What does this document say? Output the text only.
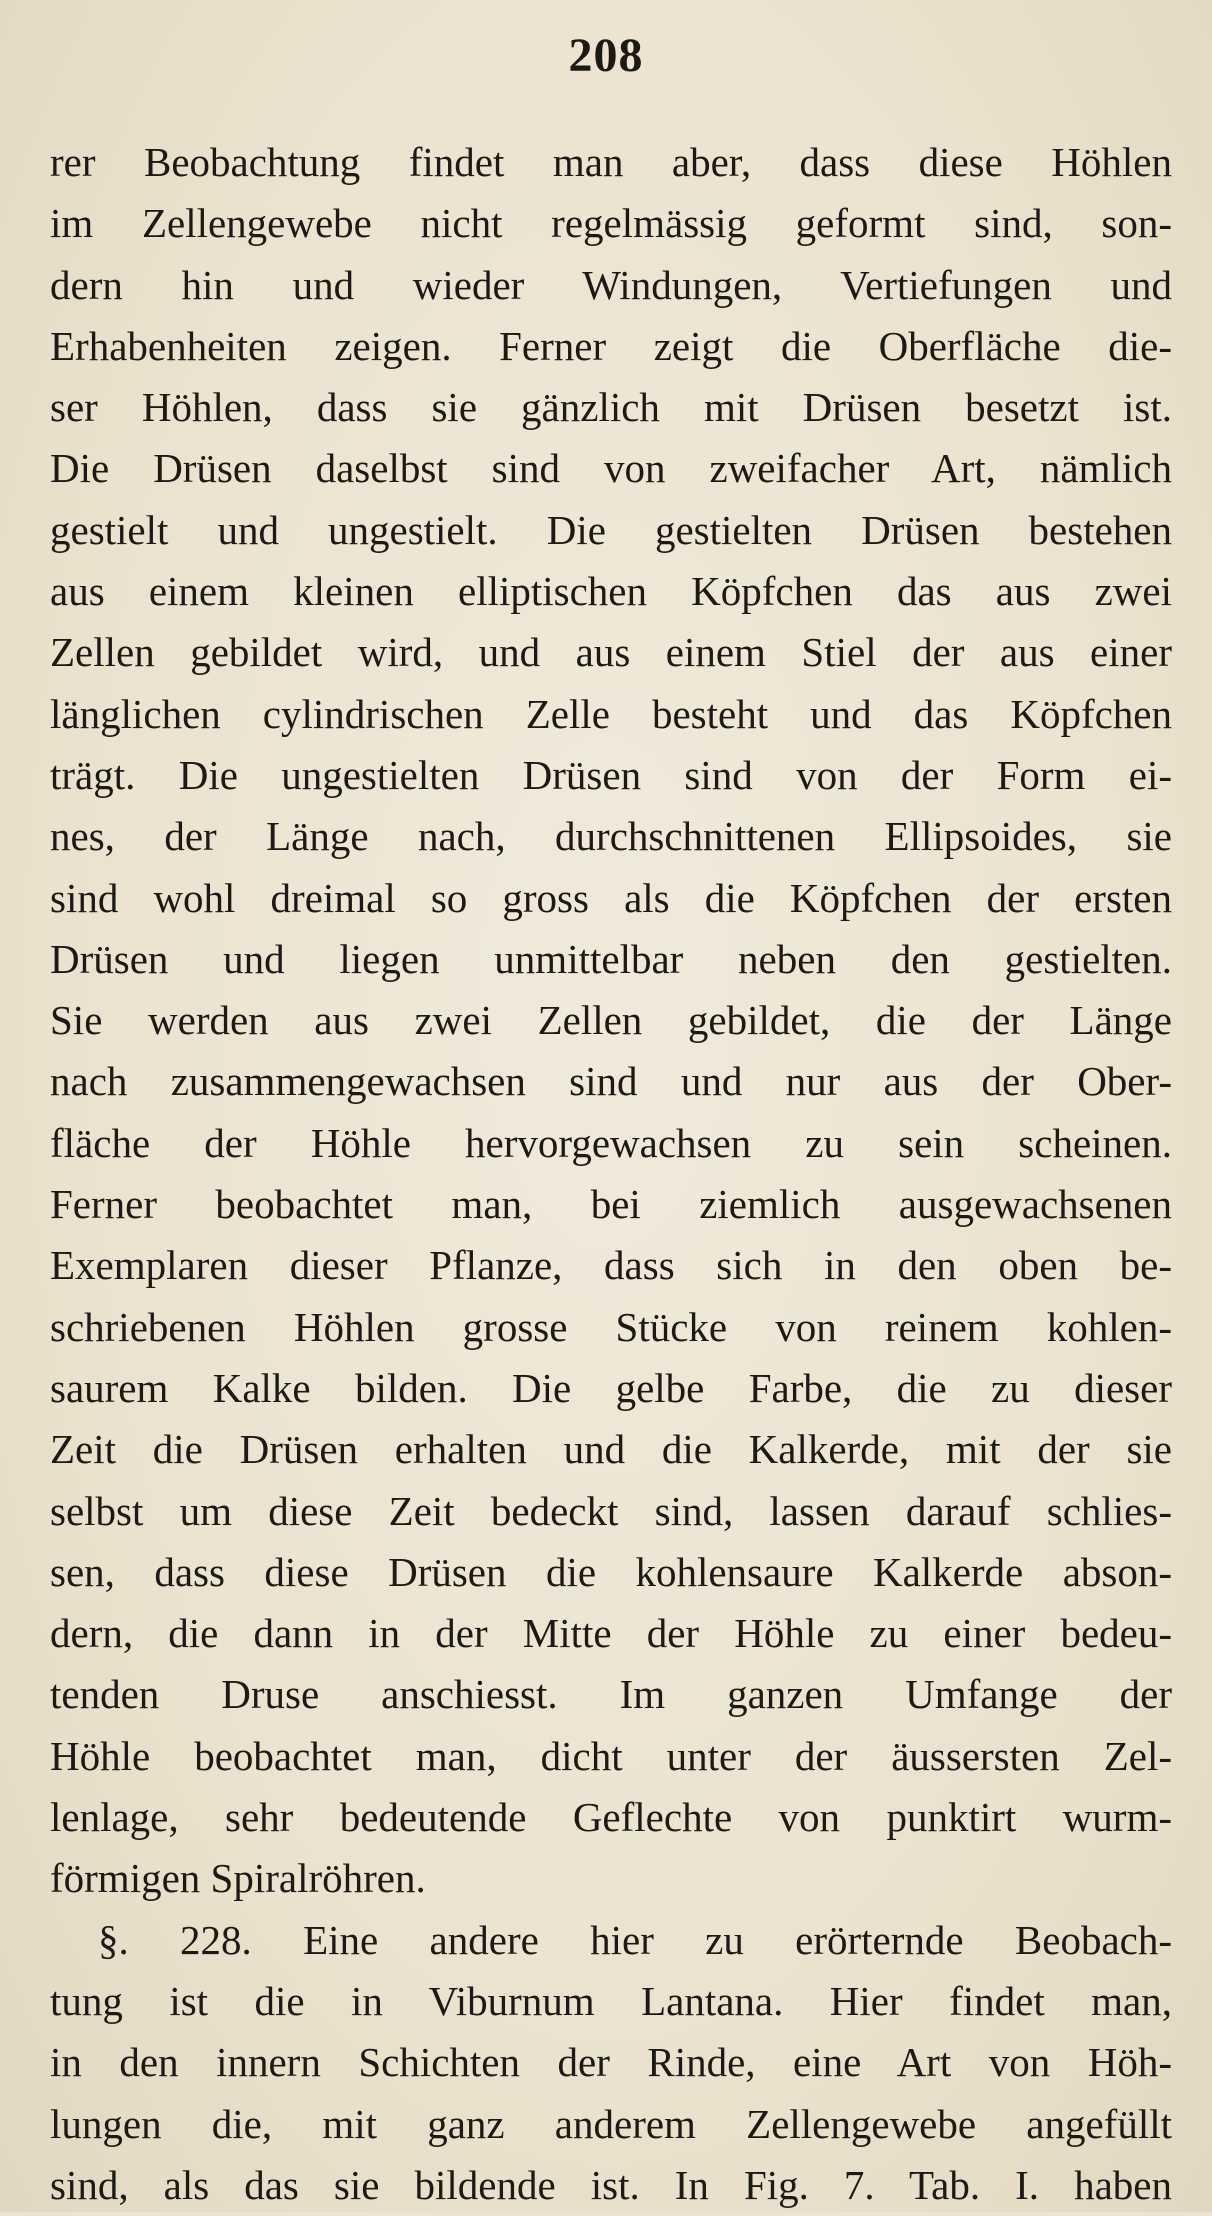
208
rer Beobachtung findet man aber, dass diese Höhlen
im Zellengewebe nicht regelmässig geformt sind, son-
dern hin und wieder Windungen, Vertiefungen und
Erhabenheiten zeigen. Ferner zeigt die Oberfläche die-
ser Höhlen, dass sie gänzlich mit Drüsen besetzt ist.
Die Drüsen daselbst sind von zweifacher Art, nämlich
gestielt und ungestielt. Die gestielten Drüsen bestehen
aus einem kleinen elliptischen Köpfchen das aus zwei
Zellen gebildet wird, und aus einem Stiel der aus einer
länglichen cylindrischen Zelle besteht und das Köpfchen
trägt. Die ungestielten Drüsen sind von der Form ei-
nes, der Länge nach, durchschnittenen Ellipsoides, sie
sind wohl dreimal so gross als die Köpfchen der ersten
Drüsen und liegen unmittelbar neben den gestielten.
Sie werden aus zwei Zellen gebildet, die der Länge
nach zusammengewachsen sind und nur aus der Ober-
fläche der Höhle hervorgewachsen zu sein scheinen.
Ferner beobachtet man, bei ziemlich ausgewachsenen
Exemplaren dieser Pflanze, dass sich in den oben be-
schriebenen Höhlen grosse Stücke von reinem kohlen-
saurem Kalke bilden. Die gelbe Farbe, die zu dieser
Zeit die Drüsen erhalten und die Kalkerde, mit der sie
selbst um diese Zeit bedeckt sind, lassen darauf schlies-
sen, dass diese Drüsen die kohlensaure Kalkerde abson-
dern, die dann in der Mitte der Höhle zu einer bedeu-
tenden Druse anschiesst. Im ganzen Umfange der
Höhle beobachtet man, dicht unter der äussersten Zel-
lenlage, sehr bedeutende Geflechte von punktirt wurm-
förmigen Spiralröhren.
§. 228. Eine andere hier zu erörternde Beobach-
tung ist die in Viburnum Lantana. Hier findet man,
in den innern Schichten der Rinde, eine Art von Höh-
lungen die, mit ganz anderem Zellengewebe angefüllt
sind, als das sie bildende ist. In Fig. 7. Tab. I. haben
